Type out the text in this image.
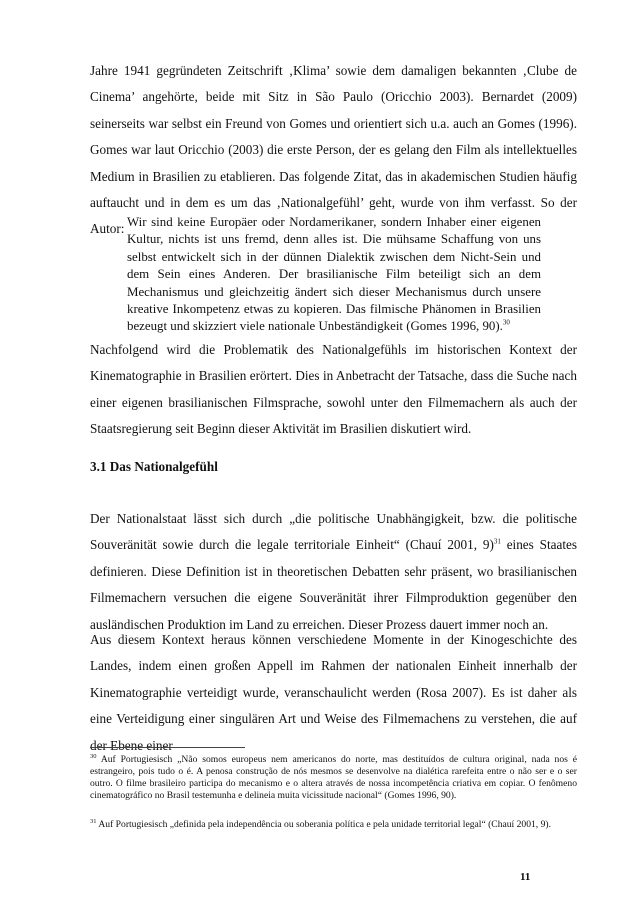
Jahre 1941 gegründeten Zeitschrift ‚Klima’ sowie dem damaligen bekannten ‚Clube de Cinema’ angehörte, beide mit Sitz in São Paulo (Oricchio 2003). Bernardet (2009) seinerseits war selbst ein Freund von Gomes und orientiert sich u.a. auch an Gomes (1996). Gomes war laut Oricchio (2003) die erste Person, der es gelang den Film als intellektuelles Medium in Brasilien zu etablieren. Das folgende Zitat, das in akademischen Studien häufig auftaucht und in dem es um das ‚Nationalgefühl’ geht, wurde von ihm verfasst. So der Autor: Wir sind keine Europäer oder Nordamerikaner, sondern Inhaber einer eigenen Kultur, nichts ist uns fremd, denn alles ist. Die mühsame Schaffung von uns selbst entwickelt sich in der dünnen Dialektik zwischen dem Nicht-Sein und dem Sein eines Anderen. Der brasilianische Film beteiligt sich an dem Mechanismus und gleichzeitig ändert sich dieser Mechanismus durch unsere kreative Inkompetenz etwas zu kopieren. Das filmische Phänomen in Brasilien bezeugt und skizziert viele nationale Unbeständigkeit (Gomes 1996, 90).$^{30}$

Nachfolgend wird die Problematik des Nationalgefühls im historischen Kontext der Kinematographie in Brasilien erörtert. Dies in Anbetracht der Tatsache, dass die Suche nach einer eigenen brasilianischen Filmsprache, sowohl unter den Filmemachern als auch der Staatsregierung seit Beginn dieser Aktivität im Brasilien diskutiert wird.

3.1 Das Nationalgefühl

Der Nationalstaat lässt sich durch „die politische Unabhängigkeit, bzw. die politische Souveränität sowie durch die legale territoriale Einheit“ (Chauí 2001, 9)$^{31}$ eines Staates definieren. Diese Definition ist in theoretischen Debatten sehr präsent, wo brasilianischen Filmemachern versuchen die eigene Souveränität ihrer Filmproduktion gegenüber den ausländischen Produktion im Land zu erreichen. Dieser Prozess dauert immer noch an.

Aus diesem Kontext heraus können verschiedene Momente in der Kinogeschichte des Landes, indem einen großen Appell im Rahmen der nationalen Einheit innerhalb der Kinematographie verteidigt wurde, veranschaulicht werden (Rosa 2007). Es ist daher als eine Verteidigung einer singulären Art und Weise des Filmemachens zu verstehen, die auf der Ebene einer

$^{30}$ Auf Portugiesisch „Não somos europeus nem americanos do norte, mas destituídos de cultura original, nada nos é estrangeiro, pois tudo o é. A penosa construção de nós mesmos se desenvolve na dialética rarefeita entre o não ser e o ser outro. O filme brasileiro participa do mecanismo e o altera através de nossa incompetência criativa em copiar. O fenômeno cinematográfico no Brasil testemunha e delineia muita vicissitude nacional“ (Gomes 1996, 90).

$^{31}$ Auf Portugiesisch „definida pela independência ou soberania política e pela unidade territorial legal“ (Chauí 2001, 9).

11
